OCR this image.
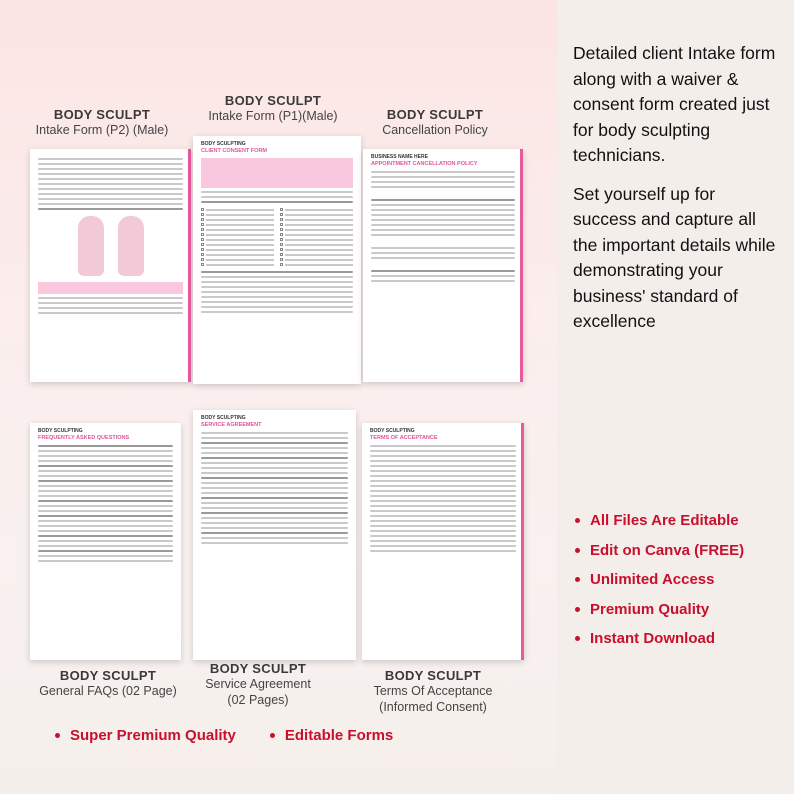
BODY SCULPT
Intake Form (P2) (Male)
BODY SCULPT
Intake Form (P1)(Male)	BODY SCULPT
Cancellation Policy
BODY SCULPTING
CLIENT CONSENT FORM
BUSINESS NAME HERE
APPOINTMENT CANCELLATION POLICY
BODY SCULPTING
FREQUENTLY ASKED QUESTIONS
BODY SCULPTING
SERVICE AGREEMENT
BODY SCULPTING
TERMS OF ACCEPTANCE
BODY SCULPT
General FAQs (02 Page)
BODY SCULPT
Service Agreement (02 Pages)
BODY SCULPT
Terms Of Acceptance (Informed Consent)

Detailed client Intake form along with a waiver & consent form created just for body sculpting technicians.

Set yourself up for success and capture all the important details while demonstrating your business' standard of excellence

All Files Are Editable
Edit on Canva (FREE)
Unlimited Access
Premium Quality
Instant Download
Super Premium Quality	Editable Forms
